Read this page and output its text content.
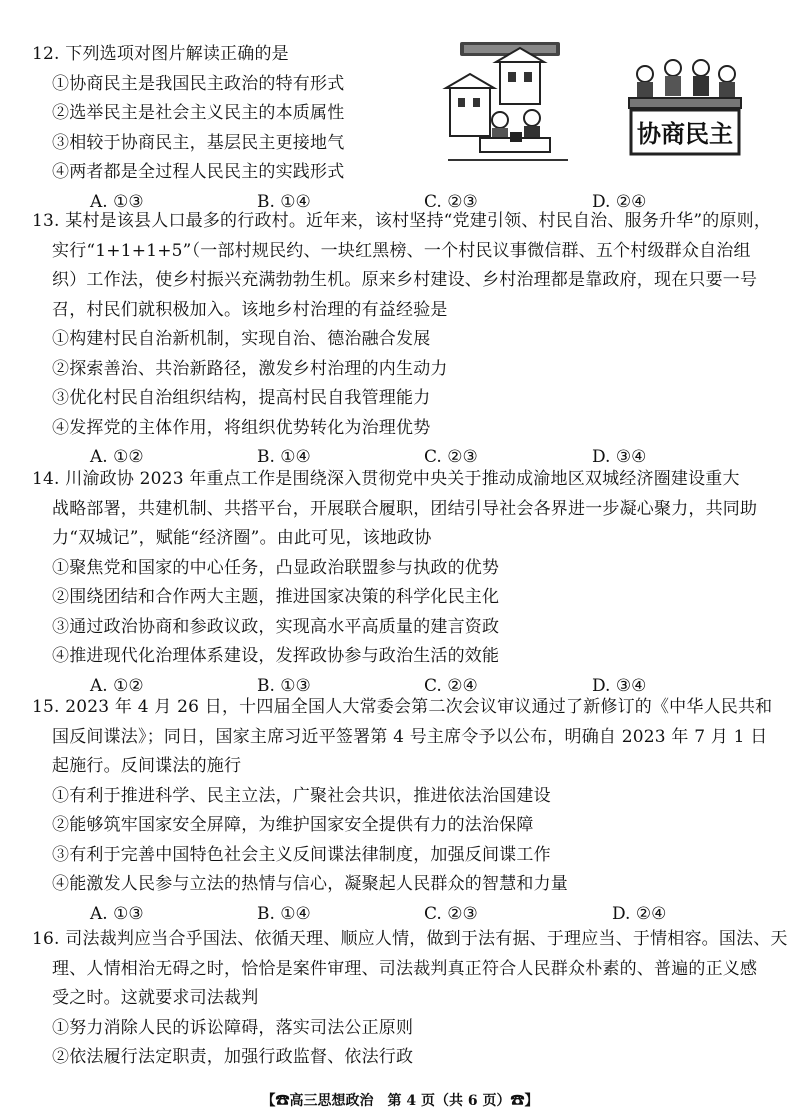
12. 下列选项对图片解读正确的是
①协商民主是我国民主政治的特有形式
②选举民主是社会主义民主的本质属性
③相较于协商民主，基层民主更接地气
④两者都是全过程人民民主的实践形式
A. ①③	B. ①④	C. ②③	D. ②④
协商民主
13. 某村是该县人口最多的行政村。近年来，该村坚持“党建引领、村民自治、服务升华”的原则，
实行“1+1+1+5”（一部村规民约、一块红黑榜、一个村民议事微信群、五个村级群众自治组
织）工作法，使乡村振兴充满勃勃生机。原来乡村建设、乡村治理都是靠政府，现在只要一号
召，村民们就积极加入。该地乡村治理的有益经验是
①构建村民自治新机制，实现自治、德治融合发展
②探索善治、共治新路径，激发乡村治理的内生动力
③优化村民自治组织结构，提高村民自我管理能力
④发挥党的主体作用，将组织优势转化为治理优势
A. ①②	B. ①④	C. ②③	D. ③④
14. 川渝政协 2023 年重点工作是围绕深入贯彻党中央关于推动成渝地区双城经济圈建设重大
战略部署，共建机制、共搭平台，开展联合履职，团结引导社会各界进一步凝心聚力，共同助
力“双城记”，赋能“经济圈”。由此可见，该地政协
①聚焦党和国家的中心任务，凸显政治联盟参与执政的优势
②围绕团结和合作两大主题，推进国家决策的科学化民主化
③通过政治协商和参政议政，实现高水平高质量的建言资政
④推进现代化治理体系建设，发挥政协参与政治生活的效能
A. ①②	B. ①③	C. ②④	D. ③④
15. 2023 年 4 月 26 日，十四届全国人大常委会第二次会议审议通过了新修订的《中华人民共和
国反间谍法》；同日，国家主席习近平签署第 4 号主席令予以公布，明确自 2023 年 7 月 1 日
起施行。反间谍法的施行
①有利于推进科学、民主立法，广聚社会共识，推进依法治国建设
②能够筑牢国家安全屏障，为维护国家安全提供有力的法治保障
③有利于完善中国特色社会主义反间谍法律制度，加强反间谍工作
④能激发人民参与立法的热情与信心，凝聚起人民群众的智慧和力量
A. ①③	B. ①④	C. ②③	D. ②④
16. 司法裁判应当合乎国法、依循天理、顺应人情，做到于法有据、于理应当、于情相容。国法、天
理、人情相治无碍之时，恰恰是案件审理、司法裁判真正符合人民群众朴素的、普遍的正义感
受之时。这就要求司法裁判
①努力消除人民的诉讼障碍，落实司法公正原则
②依法履行法定职责，加强行政监督、依法行政
【☎高三思想政治　第 4 页（共 6 页）☎】
